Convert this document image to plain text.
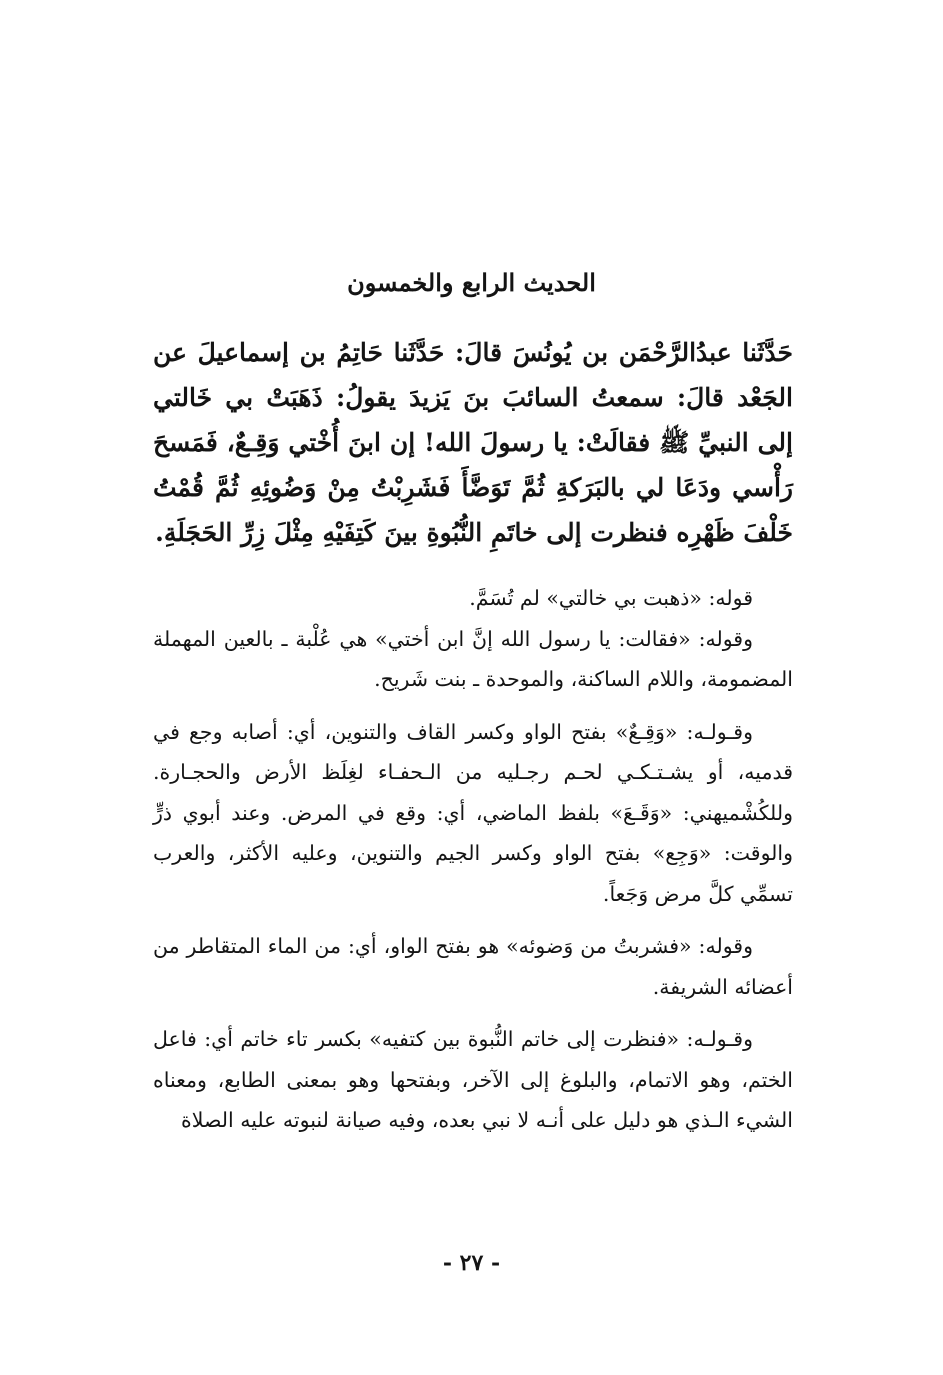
الحديث الرابع والخمسون

حَدَّثَنا عبدُالرَّحْمَن بن يُونُسَ قالَ: حَدَّثَنا حَاتِمُ بن إسماعيلَ عن الجَعْد قالَ: سمعتُ السائبَ بنَ يَزيدَ يقولُ: ذَهَبَتْ بي خَالتي إلى النبيِّ ﷺ فقالَتْ: يا رسولَ الله! إن ابنَ أُخْتي وَقِـعٌ، فَمَسحَ رَأْسي ودَعَا لي بالبَرَكةِ ثُمَّ تَوَضَّأَ فَشَرِبْتُ مِنْ وَضُوئِهِ ثُمَّ قُمْتُ خَلْفَ ظَهْرِه فنظرت إلى خاتَمِ النُّبُوةِ بينَ كَتِفَيْهِ مِثْلَ زِرِّ الحَجَلَةِ.

قوله: «ذهبت بي خالتي» لم تُسَمَّ.

وقوله: «فقالت: يا رسول الله إنَّ ابن أختي» هي عُلْبة ـ بالعين المهملة المضمومة، واللام الساكنة، والموحدة ـ بنت شَريح.

وقـولـه: «وَقِـعٌ» بفتح الواو وكسر القاف والتنوين، أي: أصابه وجع في قدميه، أو يشـتـكـي لحـم رجـليه من الـحفـاء لغِلَظ الأرض والحجـارة. وللكُشْميهني: «وَقَـعَ» بلفظ الماضي، أي: وقع في المرض. وعند أبوي ذرٍّ والوقت: «وَجِع» بفتح الواو وكسر الجيم والتنوين، وعليه الأكثر، والعرب تسمِّي كلَّ مرض وَجَعاً.

وقوله: «فشربتُ من وَضوئه» هو بفتح الواو، أي: من الماء المتقاطر من أعضائه الشريفة.

وقـولـه: «فنظرت إلى خاتم النُّبوة بين كتفيه» بكسر تاء خاتم أي: فاعل الختم، وهو الاتمام، والبلوغ إلى الآخر، وبفتحها وهو بمعنى الطابع، ومعناه الشيء الـذي هو دليل على أنـه لا نبي بعده، وفيه صيانة لنبوته عليه الصلاة

- ٢٧ -
